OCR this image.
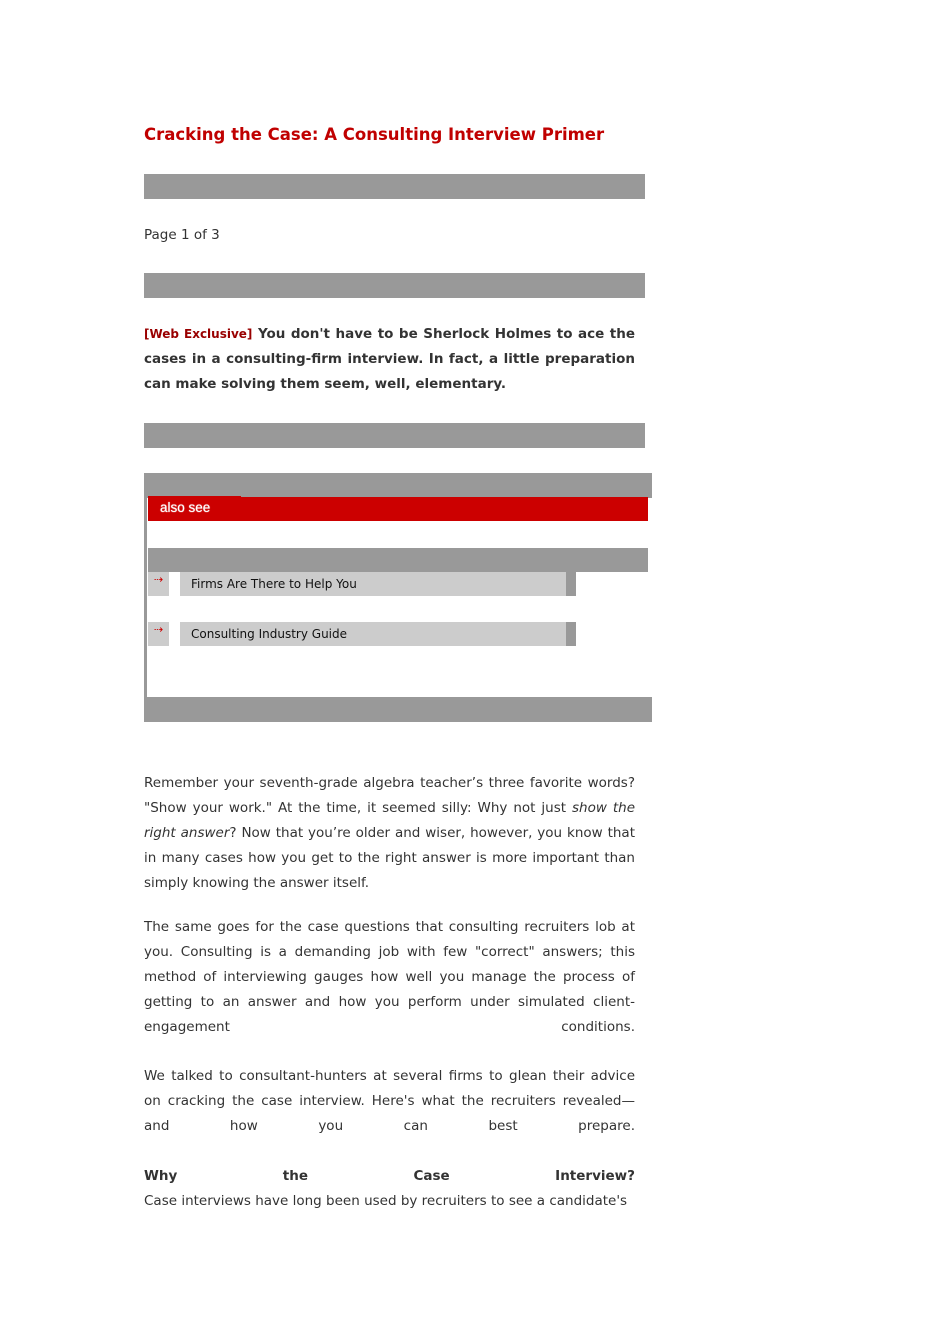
Cracking the Case: A Consulting Interview Primer
Page 1 of 3

[Web Exclusive] You don't have to be Sherlock Holmes to ace the cases in a consulting-firm interview. In fact, a little preparation can make solving them seem, well, elementary.

also see
⇢	Firms Are There to Help You
⇢	Consulting Industry Guide

Remember your seventh-grade algebra teacher’s three favorite words? "Show your work." At the time, it seemed silly: Why not just show the right answer? Now that you’re older and wiser, however, you know that in many cases how you get to the right answer is more important than simply knowing the answer itself.

The same goes for the case questions that consulting recruiters lob at you. Consulting is a demanding job with few "correct" answers; this method of interviewing gauges how well you manage the process of getting to an answer and how you perform under simulated client-engagement conditions.

We talked to consultant-hunters at several firms to glean their advice on cracking the case interview. Here's what the recruiters revealed—and how you can best prepare.

Why	the	Case	Interview?

Case interviews have long been used by recruiters to see a candidate's
